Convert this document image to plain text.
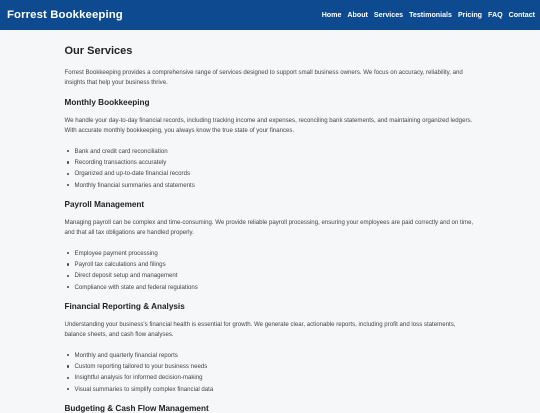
Forrest Bookkeeping	Home About Services Testimonials Pricing FAQ Contact
Our Services

Forrest Bookkeeping provides a comprehensive range of services designed to support small business owners. We focus on accuracy, reliability, and insights that help your business thrive.

Monthly Bookkeeping

We handle your day-to-day financial records, including tracking income and expenses, reconciling bank statements, and maintaining organized ledgers. With accurate monthly bookkeeping, you always know the true state of your finances.

Bank and credit card reconciliation
Recording transactions accurately
Organized and up-to-date financial records
Monthly financial summaries and statements
Payroll Management

Managing payroll can be complex and time-consuming. We provide reliable payroll processing, ensuring your employees are paid correctly and on time, and that all tax obligations are handled properly.

Employee payment processing
Payroll tax calculations and filings
Direct deposit setup and management
Compliance with state and federal regulations
Financial Reporting & Analysis

Understanding your business's financial health is essential for growth. We generate clear, actionable reports, including profit and loss statements, balance sheets, and cash flow analyses.

Monthly and quarterly financial reports
Custom reporting tailored to your business needs
Insightful analysis for informed decision-making
Visual summaries to simplify complex financial data
Budgeting & Cash Flow Management
